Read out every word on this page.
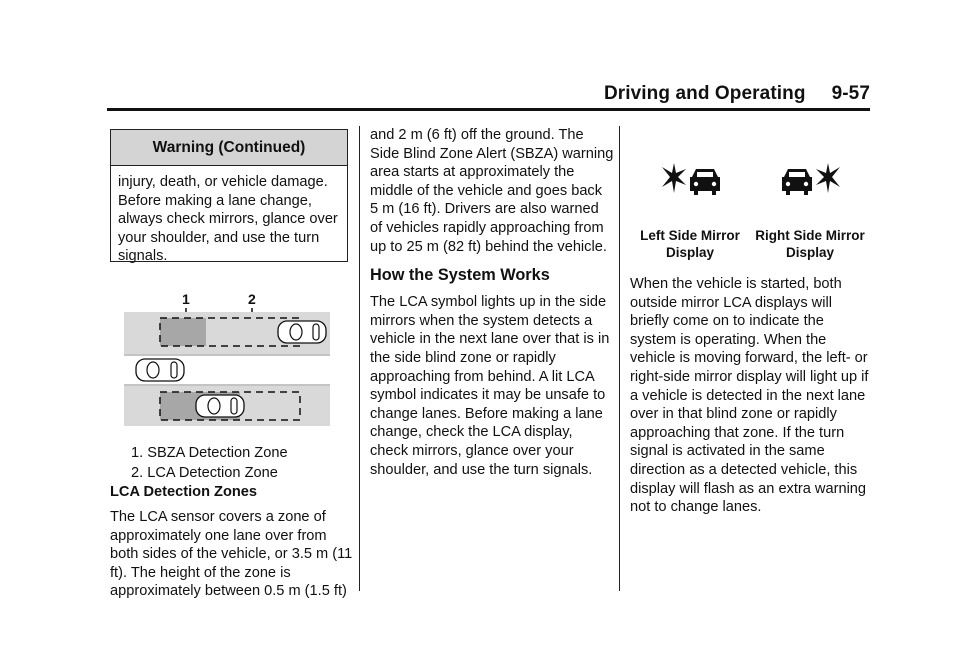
Driving and Operating 9-57
Warning (Continued)
injury, death, or vehicle damage. Before making a lane change, always check mirrors, glance over your shoulder, and use the turn signals.
1	2
1. SBZA Detection Zone
2. LCA Detection Zone
LCA Detection Zones

The LCA sensor covers a zone of approximately one lane over from both sides of the vehicle, or 3.5 m (11 ft). The height of the zone is approximately between 0.5 m (1.5 ft)

and 2 m (6 ft) off the ground. The Side Blind Zone Alert (SBZA) warning area starts at approximately the middle of the vehicle and goes back 5 m (16 ft). Drivers are also warned of vehicles rapidly approaching from up to 25 m (82 ft) behind the vehicle.

How the System Works

The LCA symbol lights up in the side mirrors when the system detects a vehicle in the next lane over that is in the side blind zone or rapidly approaching from behind. A lit LCA symbol indicates it may be unsafe to change lanes. Before making a lane change, check the LCA display, check mirrors, glance over your shoulder, and use the turn signals.

Left Side Mirror Display
Right Side Mirror Display

When the vehicle is started, both outside mirror LCA displays will briefly come on to indicate the system is operating. When the vehicle is moving forward, the left- or right-side mirror display will light up if a vehicle is detected in the next lane over in that blind zone or rapidly approaching that zone. If the turn signal is activated in the same direction as a detected vehicle, this display will flash as an extra warning not to change lanes.
